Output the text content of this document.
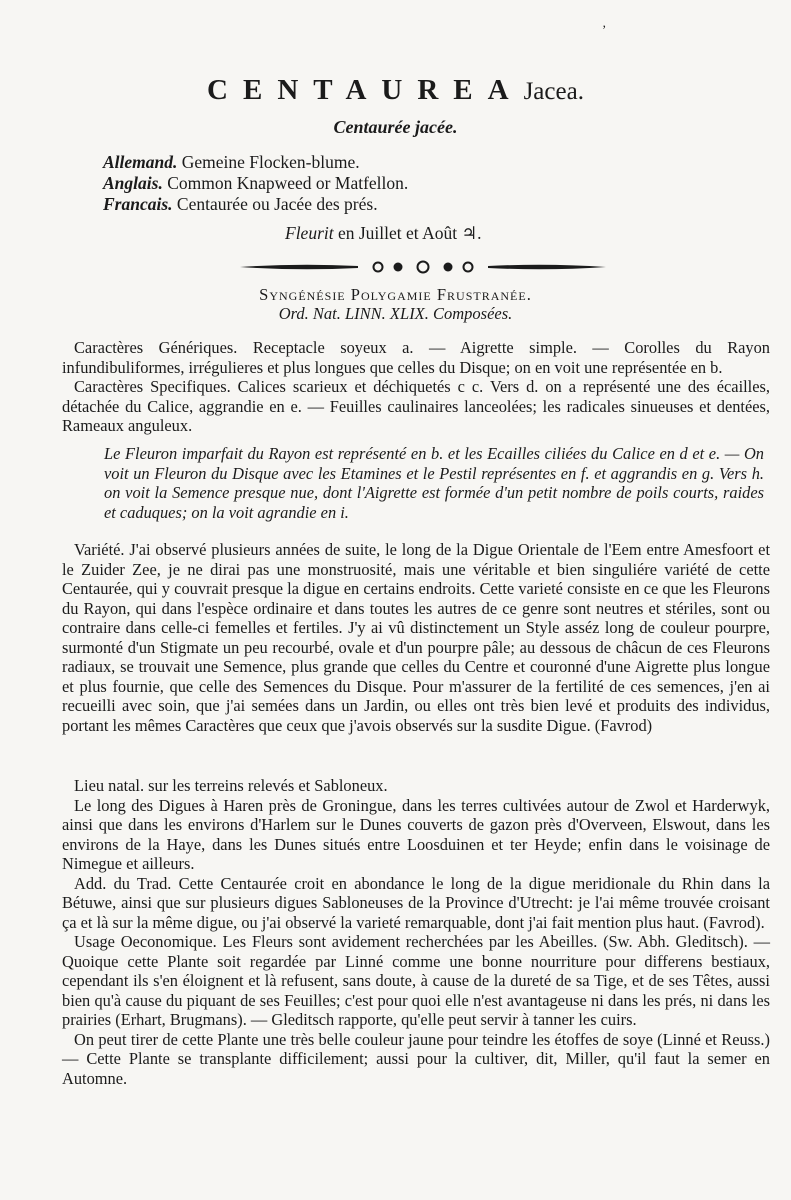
’
CENTAUREAJacea.
Centaurée jacée.
Allemand. Gemeine Flocken-blume.
Anglais. Common Knapweed or Matfellon.
Francais. Centaurée ou Jacée des prés.
Fleurit en Juillet et Août ♃.
Syngénésie Polygamie Frustranée.
Ord. Nat. LINN. XLIX. Composées.

Caractères Génériques. Receptacle soyeux a. — Aigrette simple. — Corolles du Rayon infundibuliformes, irrégulieres et plus longues que celles du Disque; on en voit une représentée en b.

Caractères Specifiques. Calices scarieux et déchiquetés c c. Vers d. on a représenté une des écailles, détachée du Calice, aggrandie en e. — Feuilles caulinaires lanceolées; les radicales sinueuses et dentées, Rameaux anguleux.

Le Fleuron imparfait du Rayon est représenté en b. et les Ecailles ciliées du Calice en d et e. — On voit un Fleuron du Disque avec les Etamines et le Pestil représentes en f. et aggrandis en g. Vers h. on voit la Semence presque nue, dont l'Aigrette est formée d'un petit nombre de poils courts, raides et caduques; on la voit agrandie en i.

Variété. J'ai observé plusieurs années de suite, le long de la Digue Orientale de l'Eem entre Amesfoort et le Zuider Zee, je ne dirai pas une monstruosité, mais une véritable et bien singuliére variété de cette Centaurée, qui y couvrait presque la digue en certains endroits. Cette varieté consiste en ce que les Fleurons du Rayon, qui dans l'espèce ordinaire et dans toutes les autres de ce genre sont neutres et stériles, sont ou contraire dans celle-ci femelles et fertiles. J'y ai vû distinctement un Style asséz long de couleur pourpre, surmonté d'un Stigmate un peu recourbé, ovale et d'un pourpre pâle; au dessous de châcun de ces Fleurons radiaux, se trouvait une Semence, plus grande que celles du Centre et couronné d'une Aigrette plus longue et plus fournie, que celle des Semences du Disque. Pour m'assurer de la fertilité de ces semences, j'en ai recueilli avec soin, que j'ai semées dans un Jardin, ou elles ont très bien levé et produits des individus, portant les mêmes Caractères que ceux que j'avois observés sur la susdite Digue. (Favrod)

Lieu natal. sur les terreins relevés et Sabloneux.

Le long des Digues à Haren près de Groningue, dans les terres cultivées autour de Zwol et Harderwyk, ainsi que dans les environs d'Harlem sur le Dunes couverts de gazon près d'Overveen, Elswout, dans les environs de la Haye, dans les Dunes situés entre Loosduinen et ter Heyde; enfin dans le voisinage de Nimegue et ailleurs.

Add. du Trad. Cette Centaurée croit en abondance le long de la digue meridionale du Rhin dans la Bétuwe, ainsi que sur plusieurs digues Sabloneuses de la Province d'Utrecht: je l'ai même trouvée croisant ça et là sur la même digue, ou j'ai observé la varieté remarquable, dont j'ai fait mention plus haut. (Favrod).

Usage Oeconomique. Les Fleurs sont avidement recherchées par les Abeilles. (Sw. Abh. Gleditsch). — Quoique cette Plante soit regardée par Linné comme une bonne nourriture pour differens bestiaux, cependant ils s'en éloignent et là refusent, sans doute, à cause de la dureté de sa Tige, et de ses Têtes, aussi bien qu'à cause du piquant de ses Feuilles; c'est pour quoi elle n'est avantageuse ni dans les prés, ni dans les prairies (Erhart, Brugmans). — Gleditsch rapporte, qu'elle peut servir à tanner les cuirs.

On peut tirer de cette Plante une très belle couleur jaune pour teindre les étoffes de soye (Linné et Reuss.) — Cette Plante se transplante difficilement; aussi pour la cultiver, dit, Miller, qu'il faut la semer en Automne.
